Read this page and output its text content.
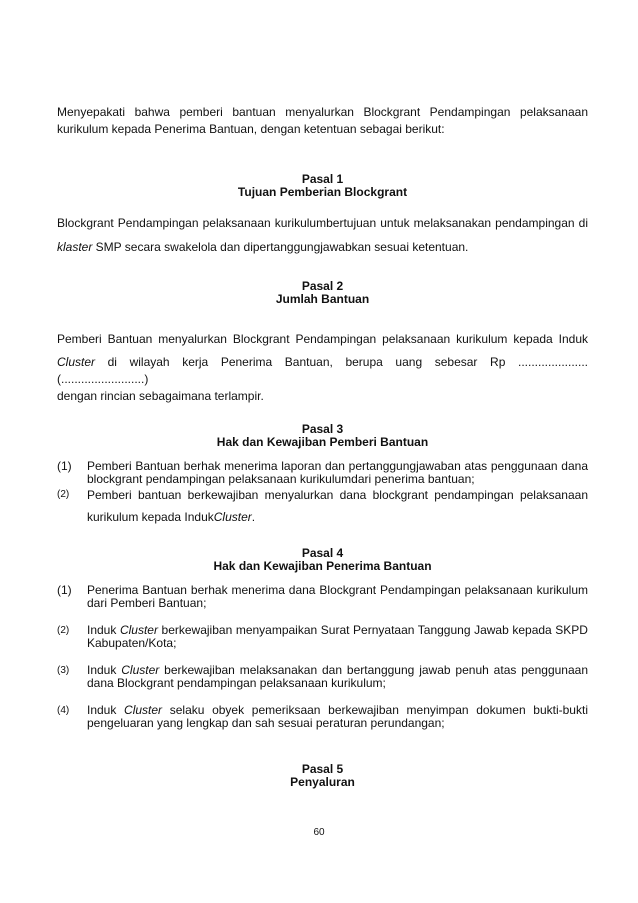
Menyepakati bahwa pemberi bantuan menyalurkan Blockgrant Pendampingan pelaksanaan
kurikulum kepada Penerima Bantuan, dengan ketentuan sebagai berikut:
Pasal 1
Tujuan Pemberian Blockgrant
Blockgrant Pendampingan pelaksanaan kurikulumbertujuan untuk melaksanakan pendampingan di
klaster SMP secara swakelola dan dipertanggungjawabkan sesuai ketentuan.
Pasal 2
Jumlah Bantuan
Pemberi Bantuan menyalurkan Blockgrant Pendampingan pelaksanaan kurikulum kepada Induk
Cluster di wilayah kerja Penerima Bantuan, berupa uang sebesar Rp ..................... (.........................)
dengan rincian sebagaimana terlampir.
Pasal 3
Hak dan Kewajiban Pemberi Bantuan
(1) Pemberi Bantuan berhak menerima laporan dan pertanggungjawaban atas penggunaan dana
blockgrant pendampingan pelaksanaan kurikulumdari penerima bantuan;
(2) Pemberi bantuan berkewajiban menyalurkan dana blockgrant pendampingan pelaksanaan
kurikulum kepada IndukCluster.
Pasal 4
Hak dan Kewajiban Penerima Bantuan
(1) Penerima Bantuan berhak menerima dana Blockgrant Pendampingan pelaksanaan kurikulum
dari Pemberi Bantuan;
(2) Induk Cluster berkewajiban menyampaikan Surat Pernyataan Tanggung Jawab kepada SKPD
Kabupaten/Kota;
(3) Induk Cluster berkewajiban melaksanakan dan bertanggung jawab penuh atas penggunaan
dana Blockgrant pendampingan pelaksanaan kurikulum;
(4) Induk Cluster selaku obyek pemeriksaan berkewajiban menyimpan dokumen bukti-bukti
pengeluaran yang lengkap dan sah sesuai peraturan perundangan;
Pasal 5
Penyaluran
60
